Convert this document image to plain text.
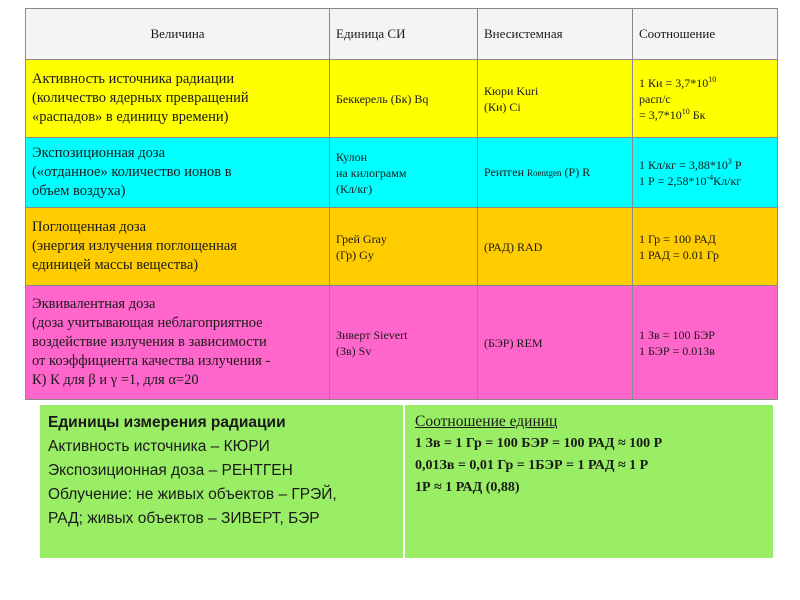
Величина	Единица СИ	Внесистемная	Соотношение

Активность источника радиации
(количество ядерных превращений
«распадов» в единицу времени)	Беккерель (Бк) Bq	Кюри Kuri
(Ки) Ci	1 Ки = $3,7*10^{10}$
расп/с
= $3,7*10^{10}$ Бк

Экспозиционная доза
(«отданное» количество ионов в
объем воздуха)	Кулон
на килограмм
(Кл/кг)	Рентген Roentgen (Р) R	1 $Кл/кг = 3,88*10^3$ Р
1 $Р = 2,58*10^{-4}Кл/кг$

Поглощенная доза
(энергия излучения поглощенная
единицей массы вещества)	Грей Gray
(Гр) Gy	(РАД) RAD	1 Гр = 100 РАД
1 РАД = 0.01 Гр

Эквивалентная доза
(доза учитывающая неблагоприятное
воздействие излучения в зависимости
от коэффициента качества излучения -
К) К для β и γ =1, для α=20	Зиверт Sievert
(Зв) Sv	(БЭР) REM	1 Зв = 100 БЭР
1 БЭР = 0.01Зв
Единицы измерения радиации
Активность источника – КЮРИ
Экспозиционная доза – РЕНТГЕН
Облучение: не живых объектов – ГРЭЙ,
РАД; живых объектов – ЗИВЕРТ, БЭР
Соотношение единиц
1 Зв = 1 Гр = 100 БЭР = 100 РАД ≈ 100 Р
0,01Зв = 0,01 Гр = 1БЭР = 1 РАД ≈ 1 Р
1Р ≈ 1 РАД (0,88)
